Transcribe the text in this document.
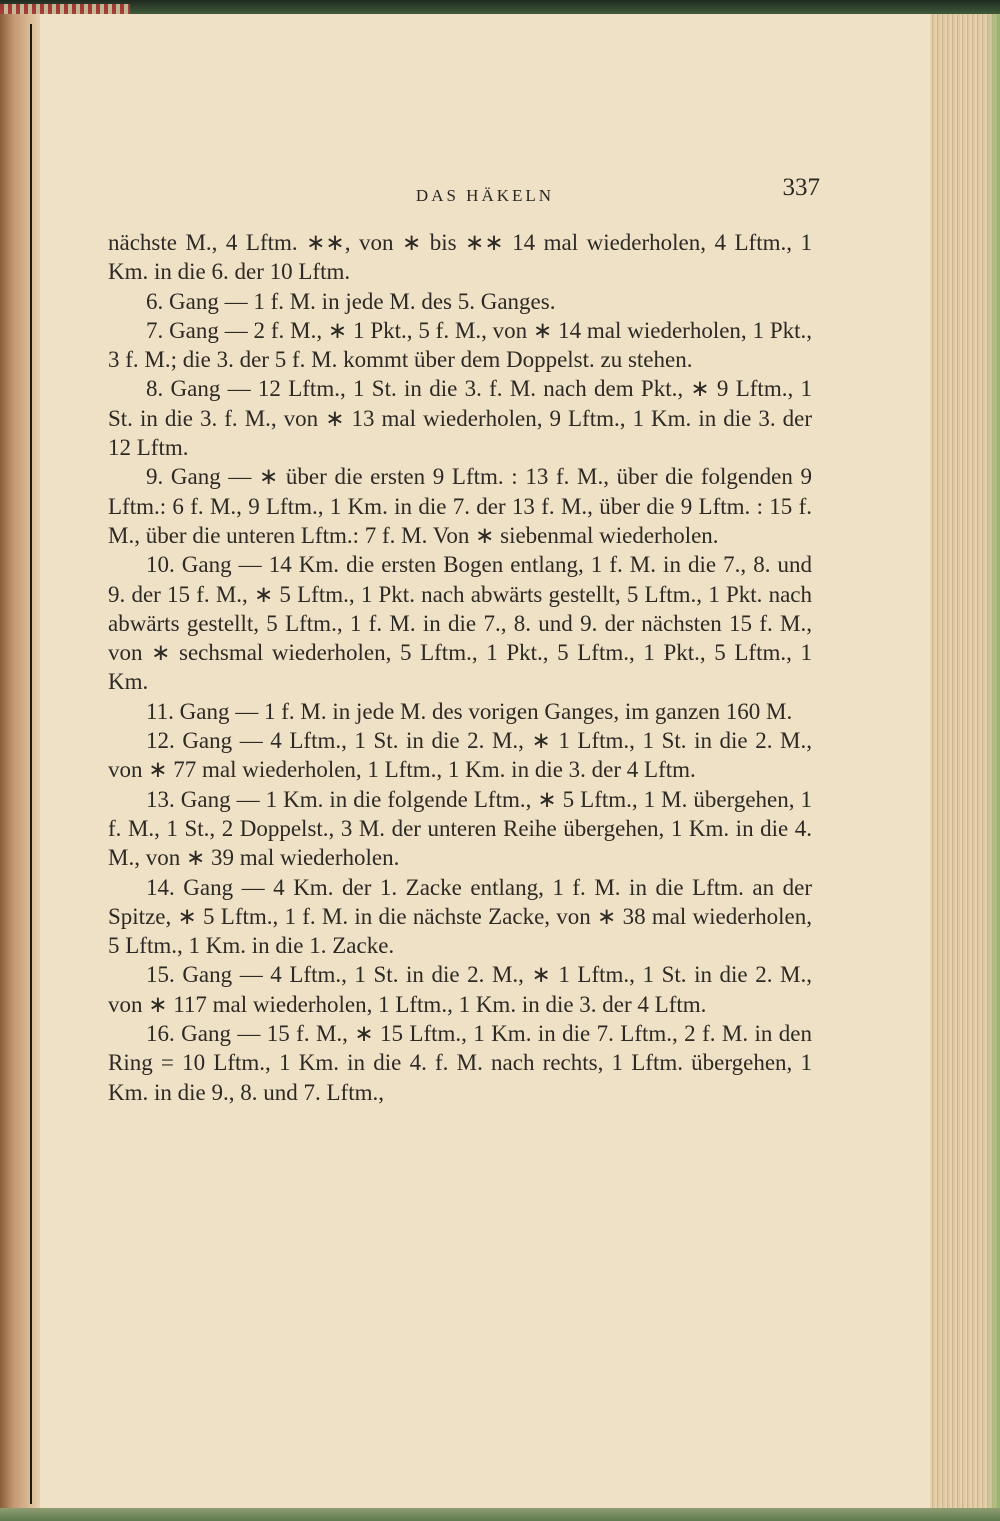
DAS HÄKELN	337

nächste M., 4 Lftm. ∗∗, von ∗ bis ∗∗ 14 mal wiederholen, 4 Lftm., 1 Km. in die 6. der 10 Lftm.

6. Gang — 1 f. M. in jede M. des 5. Ganges.

7. Gang — 2 f. M., ∗ 1 Pkt., 5 f. M., von ∗ 14 mal wiederholen, 1 Pkt., 3 f. M.; die 3. der 5 f. M. kommt über dem Doppelst. zu stehen.

8. Gang — 12 Lftm., 1 St. in die 3. f. M. nach dem Pkt., ∗ 9 Lftm., 1 St. in die 3. f. M., von ∗ 13 mal wiederholen, 9 Lftm., 1 Km. in die 3. der 12 Lftm.

9. Gang — ∗ über die ersten 9 Lftm. : 13 f. M., über die folgenden 9 Lftm.: 6 f. M., 9 Lftm., 1 Km. in die 7. der 13 f. M., über die 9 Lftm. : 15 f. M., über die unteren Lftm.: 7 f. M. Von ∗ siebenmal wiederholen.

10. Gang — 14 Km. die ersten Bogen entlang, 1 f. M. in die 7., 8. und 9. der 15 f. M., ∗ 5 Lftm., 1 Pkt. nach abwärts gestellt, 5 Lftm., 1 Pkt. nach abwärts gestellt, 5 Lftm., 1 f. M. in die 7., 8. und 9. der nächsten 15 f. M., von ∗ sechsmal wiederholen, 5 Lftm., 1 Pkt., 5 Lftm., 1 Pkt., 5 Lftm., 1 Km.

11. Gang — 1 f. M. in jede M. des vorigen Ganges, im ganzen 160 M.

12. Gang — 4 Lftm., 1 St. in die 2. M., ∗ 1 Lftm., 1 St. in die 2. M., von ∗ 77 mal wiederholen, 1 Lftm., 1 Km. in die 3. der 4 Lftm.

13. Gang — 1 Km. in die folgende Lftm., ∗ 5 Lftm., 1 M. übergehen, 1 f. M., 1 St., 2 Doppelst., 3 M. der unteren Reihe übergehen, 1 Km. in die 4. M., von ∗ 39 mal wiederholen.

14. Gang — 4 Km. der 1. Zacke entlang, 1 f. M. in die Lftm. an der Spitze, ∗ 5 Lftm., 1 f. M. in die nächste Zacke, von ∗ 38 mal wiederholen, 5 Lftm., 1 Km. in die 1. Zacke.

15. Gang — 4 Lftm., 1 St. in die 2. M., ∗ 1 Lftm., 1 St. in die 2. M., von ∗ 117 mal wiederholen, 1 Lftm., 1 Km. in die 3. der 4 Lftm.

16. Gang — 15 f. M., ∗ 15 Lftm., 1 Km. in die 7. Lftm., 2 f. M. in den Ring = 10 Lftm., 1 Km. in die 4. f. M. nach rechts, 1 Lftm. übergehen, 1 Km. in die 9., 8. und 7. Lftm.,
